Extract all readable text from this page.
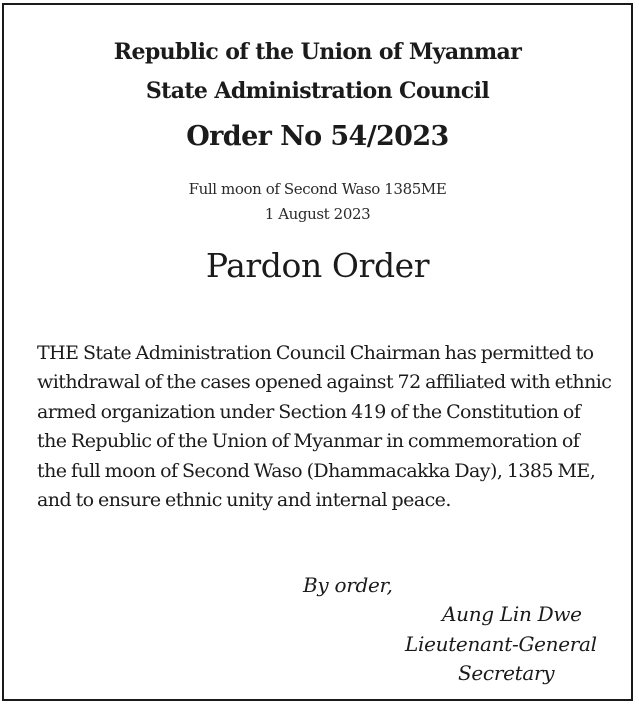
Republic of the Union of Myanmar
State Administration Council
Order No 54/2023
Full moon of Second Waso 1385ME
1 August 2023
Pardon Order
THE State Administration Council Chairman has permitted to
withdrawal of the cases opened against 72 affiliated with ethnic
armed organization under Section 419 of the Constitution of
the Republic of the Union of Myanmar in commemoration of
the full moon of Second Waso (Dhammacakka Day), 1385 ME,
and to ensure ethnic unity and internal peace.
By order,
Aung Lin Dwe
Lieutenant-General
Secretary
